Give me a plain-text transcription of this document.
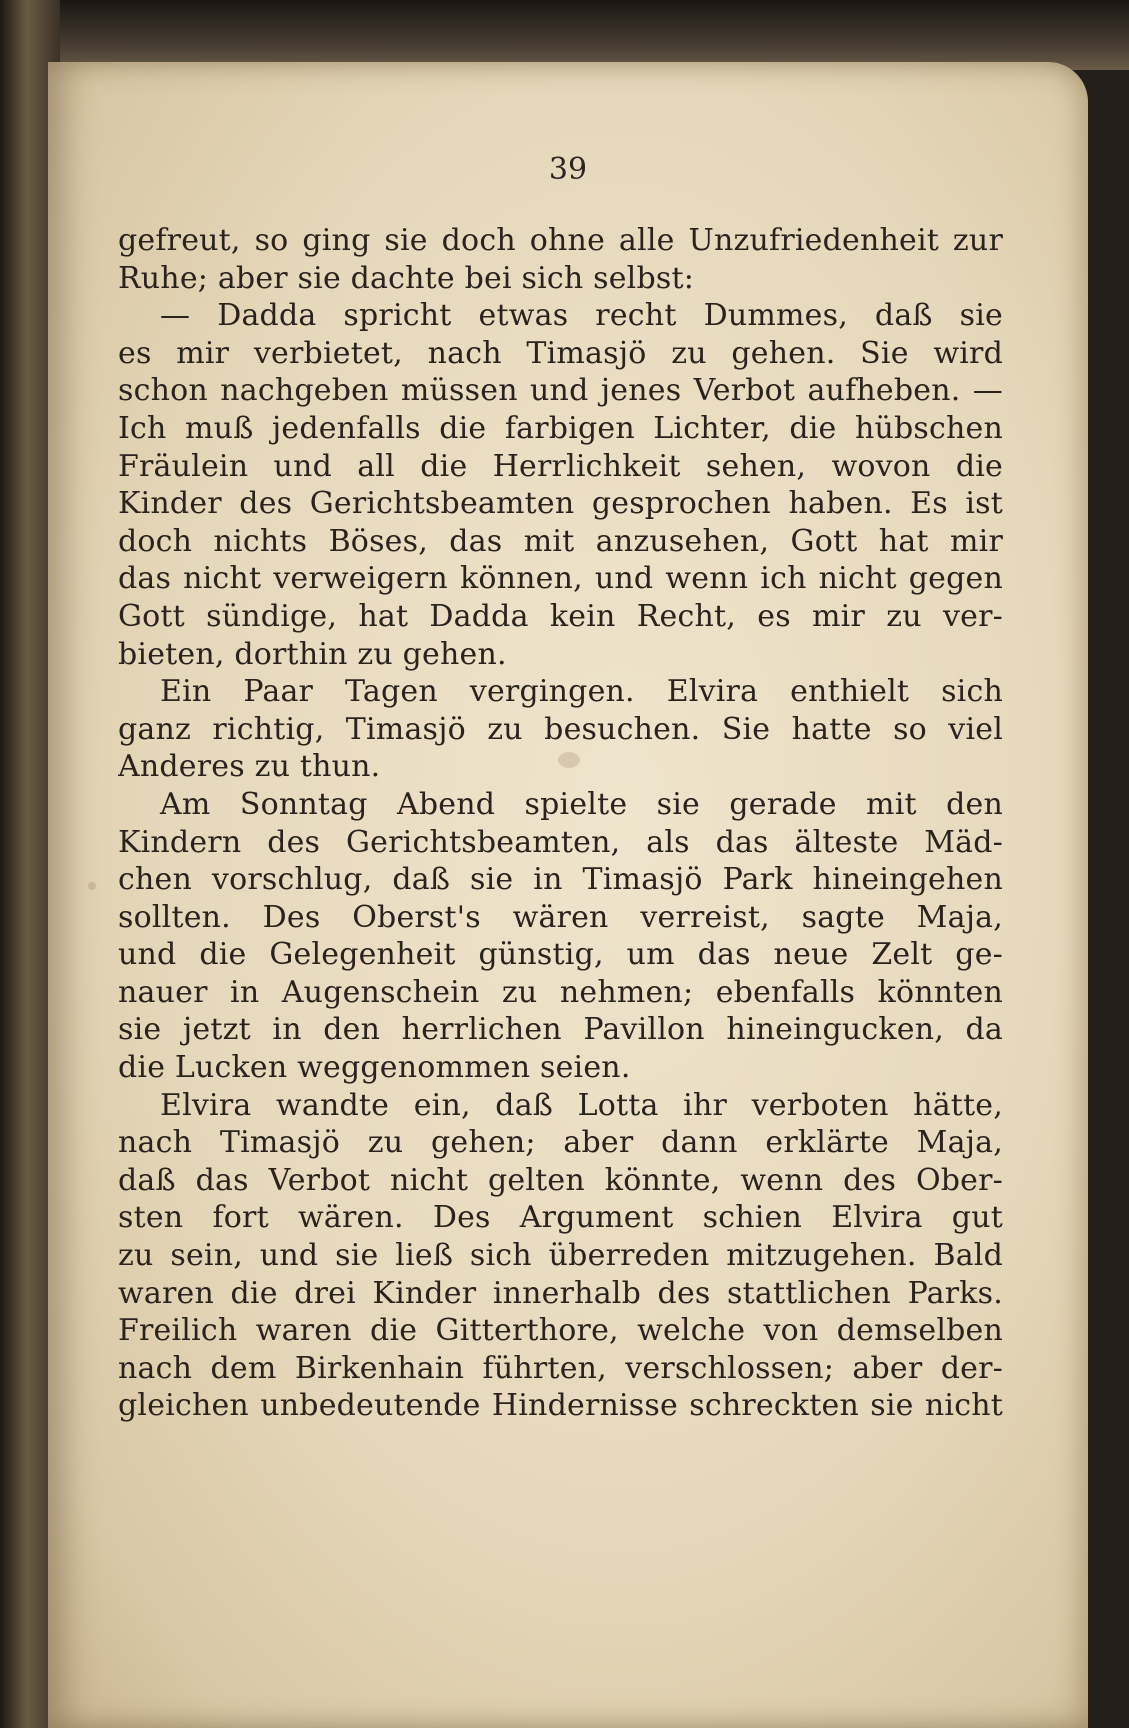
39
gefreut, so ging sie doch ohne alle Unzufriedenheit zur
Ruhe; aber sie dachte bei sich selbst:
— Dadda spricht etwas recht Dummes, daß sie
es mir verbietet, nach Timasjö zu gehen. Sie wird
schon nachgeben müssen und jenes Verbot aufheben. —
Ich muß jedenfalls die farbigen Lichter, die hübschen
Fräulein und all die Herrlichkeit sehen, wovon die
Kinder des Gerichtsbeamten gesprochen haben. Es ist
doch nichts Böses, das mit anzusehen, Gott hat mir
das nicht verweigern können, und wenn ich nicht gegen
Gott sündige, hat Dadda kein Recht, es mir zu ver-
bieten, dorthin zu gehen.
Ein Paar Tagen vergingen. Elvira enthielt sich
ganz richtig, Timasjö zu besuchen. Sie hatte so viel
Anderes zu thun.
Am Sonntag Abend spielte sie gerade mit den
Kindern des Gerichtsbeamten, als das älteste Mäd-
chen vorschlug, daß sie in Timasjö Park hineingehen
sollten. Des Oberst's wären verreist, sagte Maja,
und die Gelegenheit günstig, um das neue Zelt ge-
nauer in Augenschein zu nehmen; ebenfalls könnten
sie jetzt in den herrlichen Pavillon hineingucken, da
die Lucken weggenommen seien.
Elvira wandte ein, daß Lotta ihr verboten hätte,
nach Timasjö zu gehen; aber dann erklärte Maja,
daß das Verbot nicht gelten könnte, wenn des Ober-
sten fort wären. Des Argument schien Elvira gut
zu sein, und sie ließ sich überreden mitzugehen. Bald
waren die drei Kinder innerhalb des stattlichen Parks.
Freilich waren die Gitterthore, welche von demselben
nach dem Birkenhain führten, verschlossen; aber der-
gleichen unbedeutende Hindernisse schreckten sie nicht
